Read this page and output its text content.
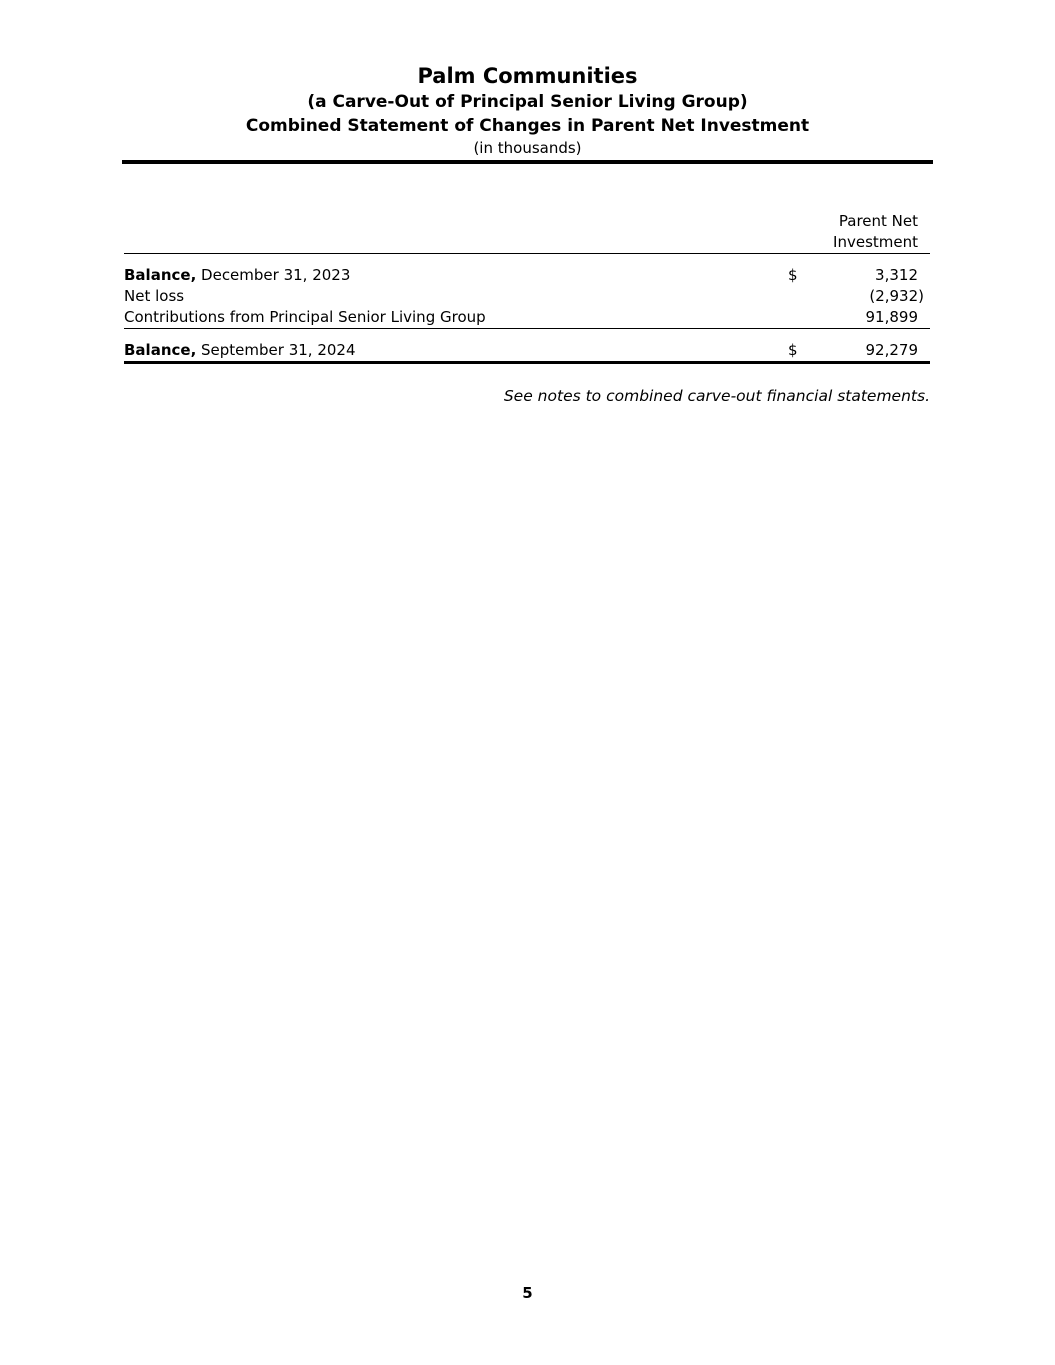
Palm Communities
(a Carve-Out of Principal Senior Living Group)
Combined Statement of Changes in Parent Net Investment
(in thousands)
Parent Net
Investment
Balance, December 31, 2023	$	3,312
Net loss	(2,932)
Contributions from Principal Senior Living Group	91,899
Balance, September 31, 2024	$	92,279
See notes to combined carve-out financial statements.
5
